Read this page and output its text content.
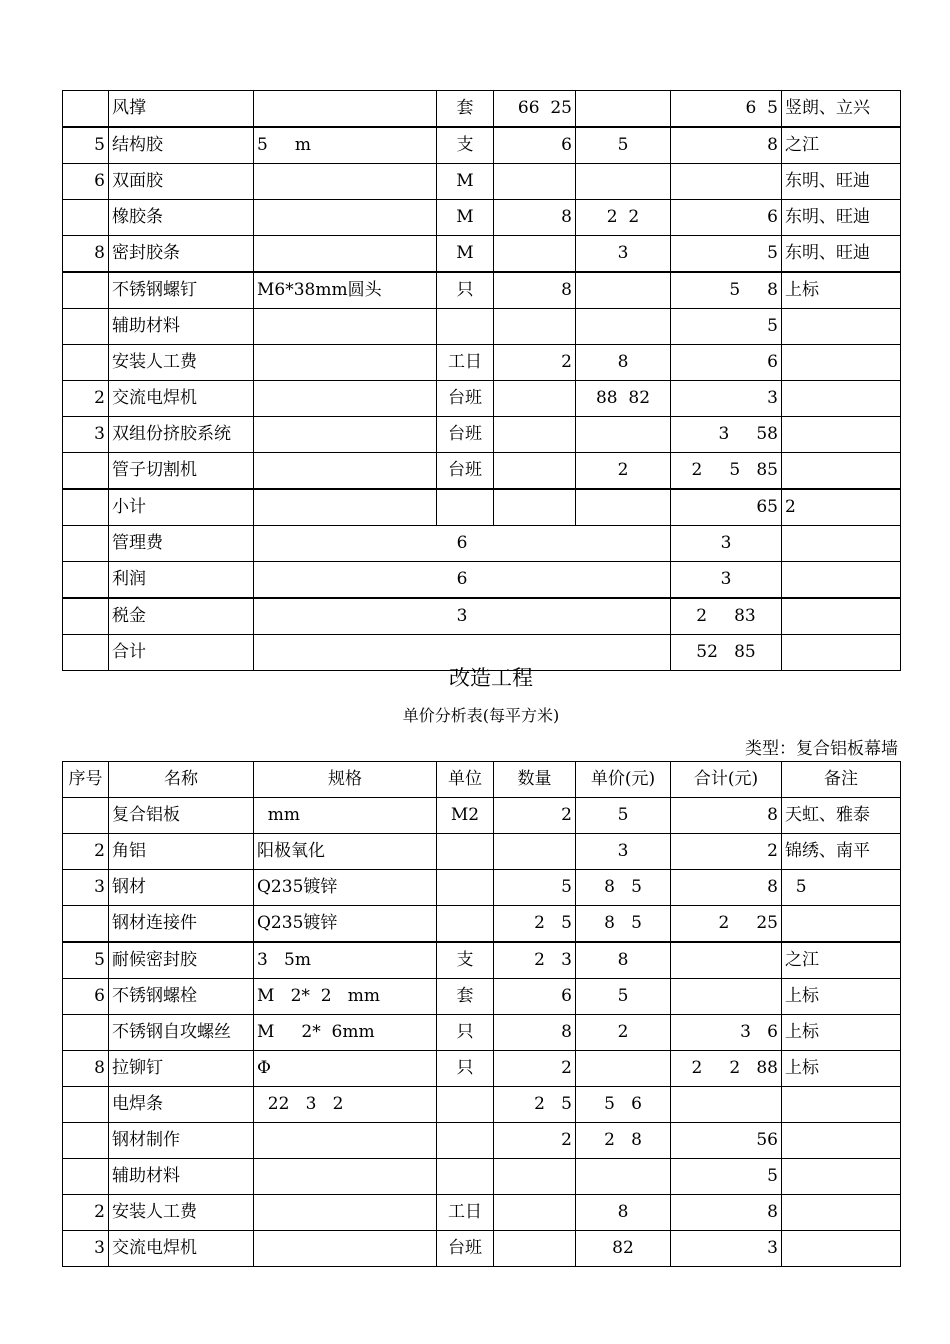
	风撑		套	66  25		6  5	竖朗、立兴
5	结构胶	5     m	支	6	5	8	之江
6	双面胶		M				东明、旺迪
	橡胶条		M	8	2  2	6	东明、旺迪
8	密封胶条		M		3	5	东明、旺迪
	不锈钢螺钉	M6*38mm圆头	只	8		5     8	上标
	辅助材料					5	
	安装人工费		工日	2	8	6	
2	交流电焊机		台班		88  82	3	
3	双组份挤胶系统		台班			3     58	
	管子切割机		台班		2	2     5   85	
	小计					65	2
	管理费	6				3	
	利润	6				3	
	税金	3				2     83	
	合计					52   85	
改造工程
单价分析表(每平方米)
类型：复合铝板幕墙
序号	名称	规格	单位	数量	单价(元)	合计(元)	备注
	复合铝板	mm	M2	2	5	8	天虹、雅泰
2	角铝	阳极氧化			3	2	锦绣、南平
3	钢材	Q235镀锌		5	8   5	8	5
	钢材连接件	Q235镀锌		2   5	8   5	2     25	
5	耐候密封胶	3   5m	支	2   3	8		之江
6	不锈钢螺栓	M   2*  2   mm	套	6	5		上标
	不锈钢自攻螺丝	M     2*  6mm	只	8	2	3   6	上标
8	拉铆钉	Φ	只	2		2     2   88	上标
	电焊条	22   3   2		2   5	5   6		
	钢材制作			2	2   8	56	
	辅助材料					5	
2	安装人工费		工日		8	8	
3	交流电焊机		台班		82	3	
